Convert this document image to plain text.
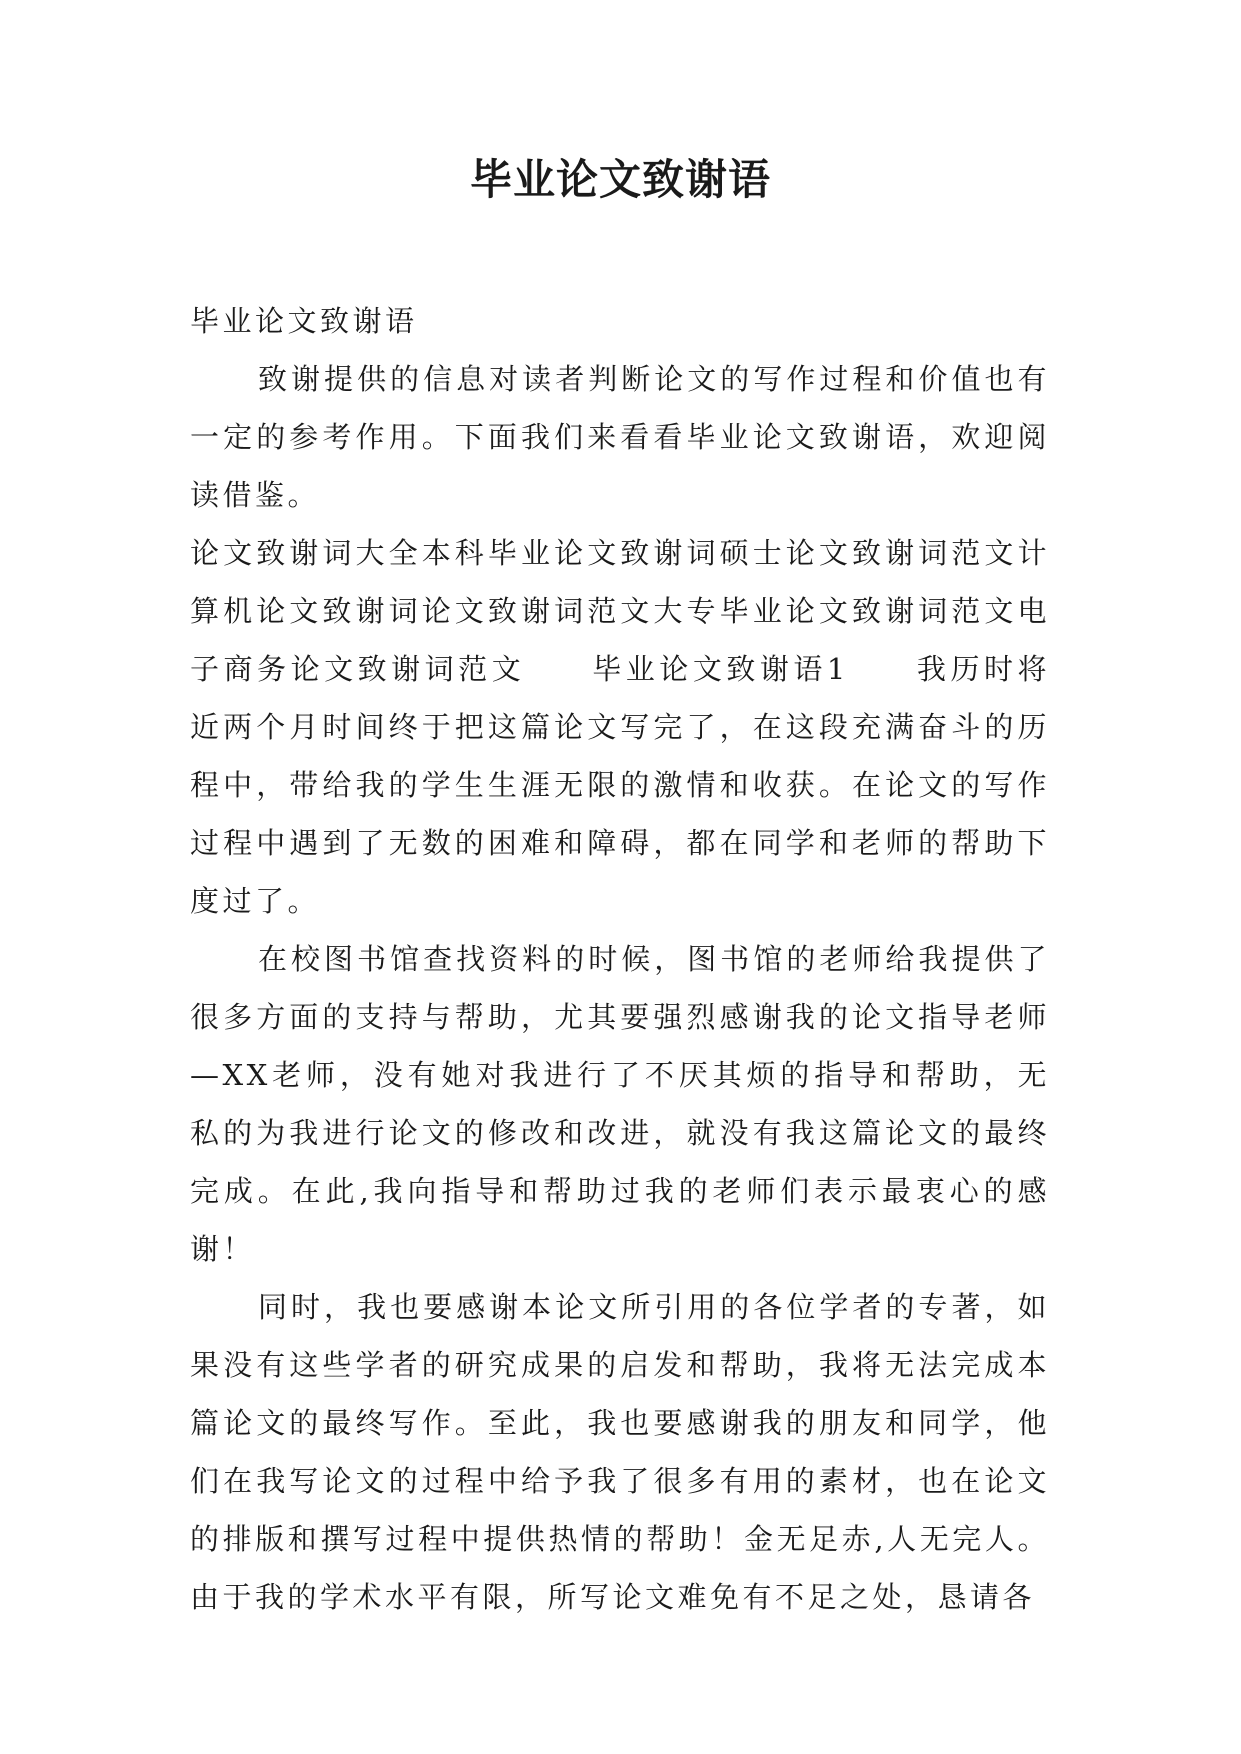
毕业论文致谢语

毕业论文致谢语

致谢提供的信息对读者判断论文的写作过程和价值也有一定的参考作用。下面我们来看看毕业论文致谢语，欢迎阅读借鉴。

论文致谢词大全本科毕业论文致谢词硕士论文致谢词范文计算机论文致谢词论文致谢词范文大专毕业论文致谢词范文电子商务论文致谢词范文　　毕业论文致谢语1　　我历时将近两个月时间终于把这篇论文写完了，在这段充满奋斗的历程中，带给我的学生生涯无限的激情和收获。在论文的写作过程中遇到了无数的困难和障碍，都在同学和老师的帮助下度过了。

在校图书馆查找资料的时候，图书馆的老师给我提供了很多方面的支持与帮助，尤其要强烈感谢我的论文指导老师—XX老师，没有她对我进行了不厌其烦的指导和帮助，无私的为我进行论文的修改和改进，就没有我这篇论文的最终完成。在此,我向指导和帮助过我的老师们表示最衷心的感谢！

同时，我也要感谢本论文所引用的各位学者的专著，如果没有这些学者的研究成果的启发和帮助，我将无法完成本篇论文的最终写作。至此，我也要感谢我的朋友和同学，他们在我写论文的过程中给予我了很多有用的素材，也在论文的排版和撰写过程中提供热情的帮助！金无足赤,人无完人。由于我的学术水平有限，所写论文难免有不足之处，恳请各
